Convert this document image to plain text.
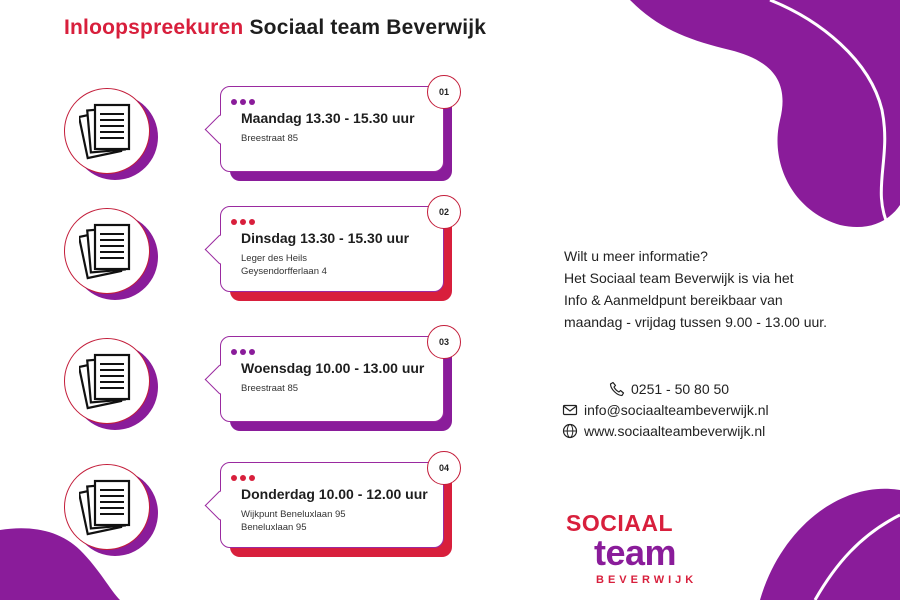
Inloopspreekuren Sociaal team Beverwijk
Maandag 13.30 - 15.30 uur
Breestraat 85
01
Dinsdag 13.30 - 15.30 uur
Leger des Heils
Geysendorfferlaan 4
02
Woensdag 10.00 - 13.00 uur
Breestraat 85
03
Donderdag 10.00 - 12.00 uur
Wijkpunt Beneluxlaan 95
Beneluxlaan 95
04
Wilt u meer informatie?
Het Sociaal team Beverwijk is via het
Info & Aanmeldpunt bereikbaar van
maandag - vrijdag tussen 9.00 - 13.00 uur.
0251 - 50 80 50
info@sociaalteambeverwijk.nl
www.sociaalteambeverwijk.nl
SOCIAAL
team
BEVERWIJK
